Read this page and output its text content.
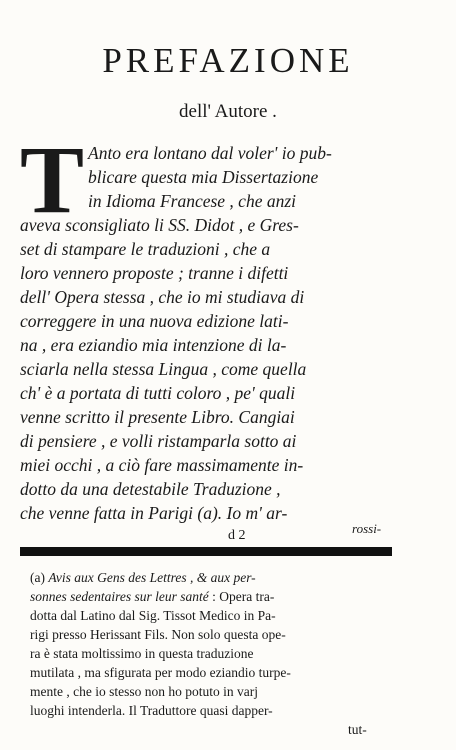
PREFAZIONE
dell' Autore .
T Anto era lontano dal voler' io pub-
blicare questa mia Dissertazione
in Idioma Francese , che anzi
aveva sconsigliato li SS. Didot , e Gres-
set di stampare le traduzioni , che a
loro vennero proposte ; tranne i difetti
dell' Opera stessa , che io mi studiava di
correggere in una nuova edizione lati-
na , era eziandio mia intenzione di la-
sciarla nella stessa Lingua , come quella
ch' è a portata di tutti coloro , pe' quali
venne scritto il presente Libro. Cangiai
di pensiere , e volli ristamparla sotto ai
miei occhi , a ciò fare massimamente in-
dotto da una detestabile Traduzione ,
che venne fatta in Parigi (a). Io m' ar-
d 2	rossi-
(a) Avis aux Gens des Lettres , & aux per-
sonnes sedentaires sur leur santé : Opera tra-
dotta dal Latino dal Sig. Tissot Medico in Pa-
rigi presso Herissant Fils. Non solo questa ope-
ra è stata moltissimo in questa traduzione
mutilata , ma sfigurata per modo eziandio turpe-
mente , che io stesso non ho potuto in varj
luoghi intenderla. Il Traduttore quasi dapper-
tut-
